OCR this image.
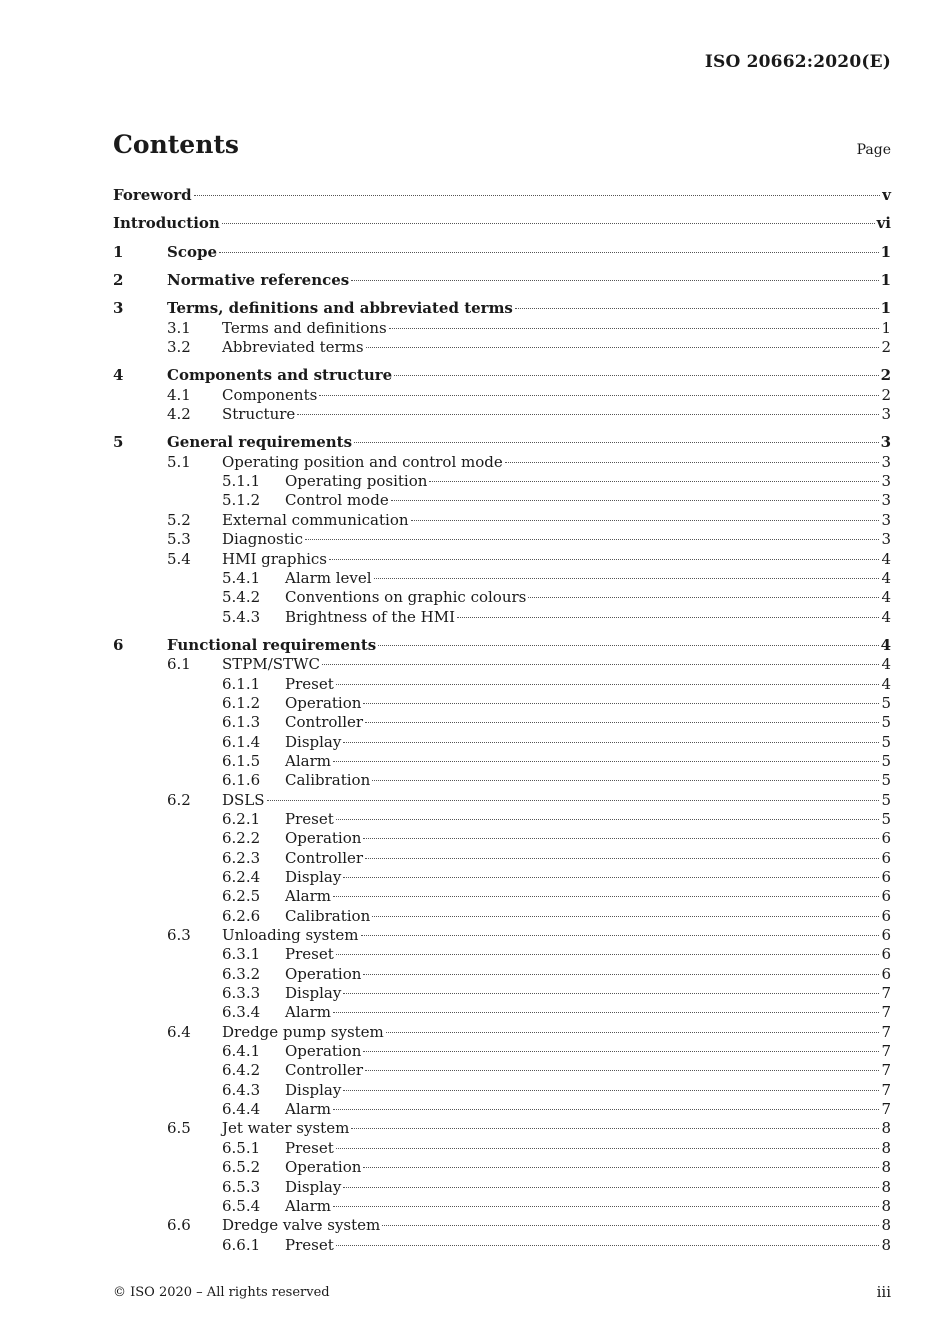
ISO 20662:2020(E)
Contents	Page
Foreword	v
Introduction	vi
1	Scope	1
2	Normative references	1
3	Terms, definitions and abbreviated terms	1
3.1 Terms and definitions	1
3.2 Abbreviated terms	2
4	Components and structure	2
4.1 Components	2
4.2 Structure	3
5	General requirements	3
5.1 Operating position and control mode	3
5.1.1 Operating position	3
5.1.2 Control mode	3
5.2 External communication	3
5.3 Diagnostic	3
5.4 HMI graphics	4
5.4.1 Alarm level	4
5.4.2 Conventions on graphic colours	4
5.4.3 Brightness of the HMI	4
6	Functional requirements	4
6.1 STPM/STWC	4
6.1.1 Preset	4
6.1.2 Operation	5
6.1.3 Controller	5
6.1.4 Display	5
6.1.5 Alarm	5
6.1.6 Calibration	5
6.2 DSLS	5
6.2.1 Preset	5
6.2.2 Operation	6
6.2.3 Controller	6
6.2.4 Display	6
6.2.5 Alarm	6
6.2.6 Calibration	6
6.3 Unloading system	6
6.3.1 Preset	6
6.3.2 Operation	6
6.3.3 Display	7
6.3.4 Alarm	7
6.4 Dredge pump system	7
6.4.1 Operation	7
6.4.2 Controller	7
6.4.3 Display	7
6.4.4 Alarm	7
6.5 Jet water system	8
6.5.1 Preset	8
6.5.2 Operation	8
6.5.3 Display	8
6.5.4 Alarm	8
6.6 Dredge valve system	8
6.6.1 Preset	8
© ISO 2020 – All rights reserved	iii
